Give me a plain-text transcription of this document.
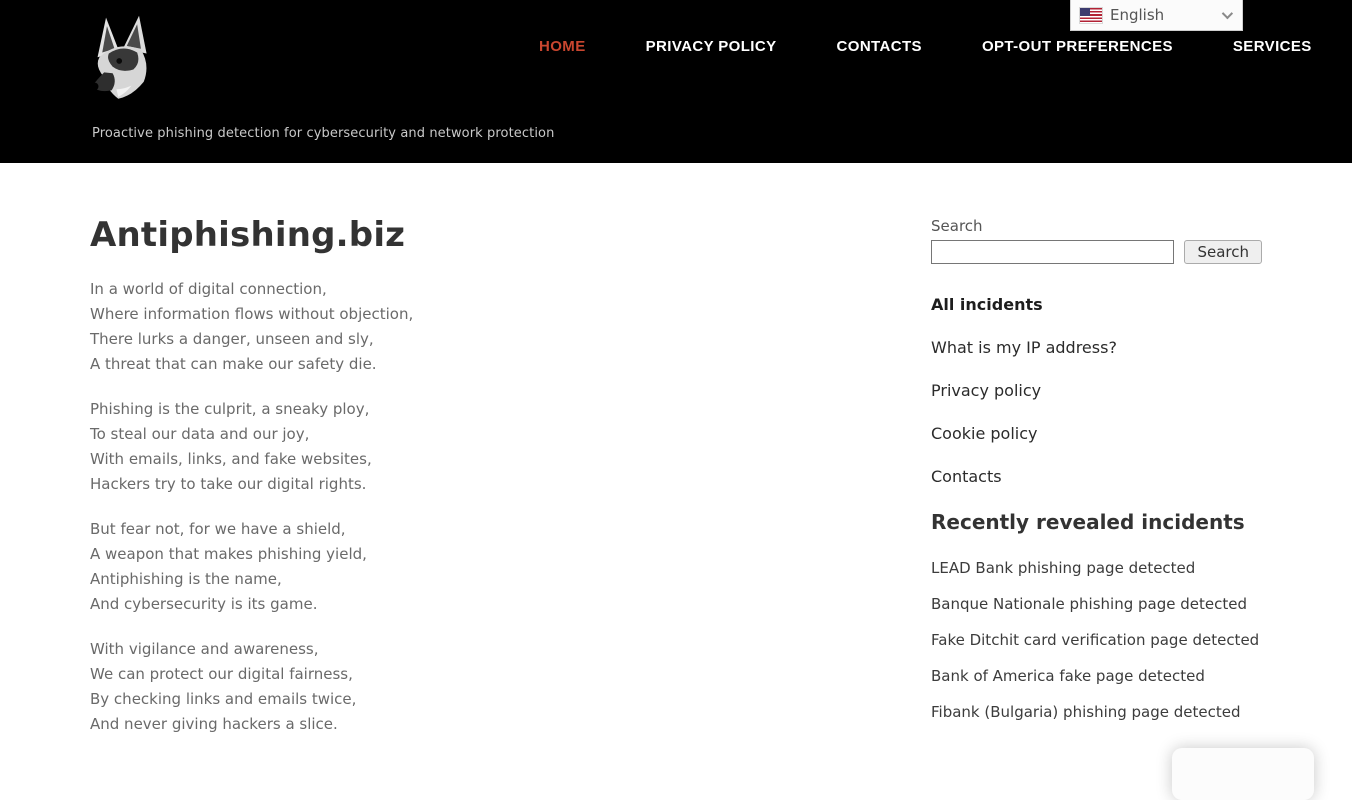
HOME	PRIVACY POLICY	CONTACTS	OPT-OUT PREFERENCES	SERVICES
Proactive phishing detection for cybersecurity and network protection
English
Antiphishing.biz
In a world of digital connection,
Where information flows without objection,
There lurks a danger, unseen and sly,
A threat that can make our safety die.
Phishing is the culprit, a sneaky ploy,
To steal our data and our joy,
With emails, links, and fake websites,
Hackers try to take our digital rights.
But fear not, for we have a shield,
A weapon that makes phishing yield,
Antiphishing is the name,
And cybersecurity is its game.
With vigilance and awareness,
We can protect our digital fairness,
By checking links and emails twice,
And never giving hackers a slice.
Search
Search
All incidents
What is my IP address?
Privacy policy
Cookie policy
Contacts
Recently revealed incidents
LEAD Bank phishing page detected
Banque Nationale phishing page detected
Fake Ditchit card verification page detected
Bank of America fake page detected
Fibank (Bulgaria) phishing page detected
